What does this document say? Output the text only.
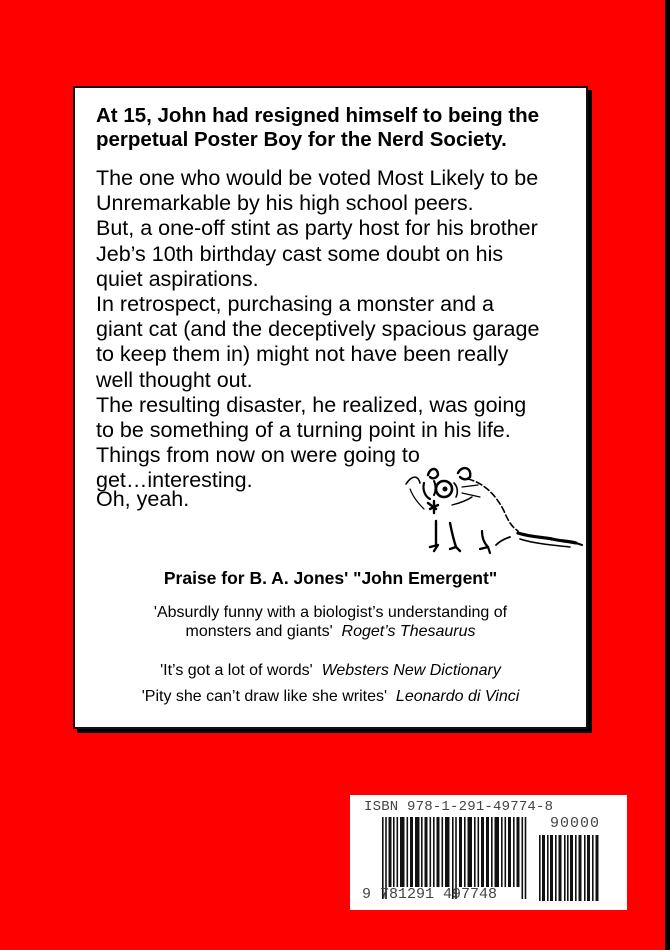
At 15, John had resigned himself to being the
perpetual Poster Boy for the Nerd Society.
The one who would be voted Most Likely to be
Unremarkable by his high school peers.
But, a one-off stint as party host for his brother
Jeb’s 10th birthday cast some doubt on his
quiet aspirations.
In retrospect, purchasing a monster and a
giant cat (and the deceptively spacious garage
to keep them in) might not have been really
well thought out.
The resulting disaster, he realized, was going
to be something of a turning point in his life.
Things from now on were going to
get…interesting.
Oh, yeah.
Praise for B. A. Jones' "John Emergent"
'Absurdly funny with a biologist’s understanding of
monsters and giants' Roget’s Thesaurus
'It’s got a lot of words' Websters New Dictionary
'Pity she can’t draw like she writes' Leonardo di Vinci
ISBN 978-1-291-49774-8
90000
9 781291 497748
